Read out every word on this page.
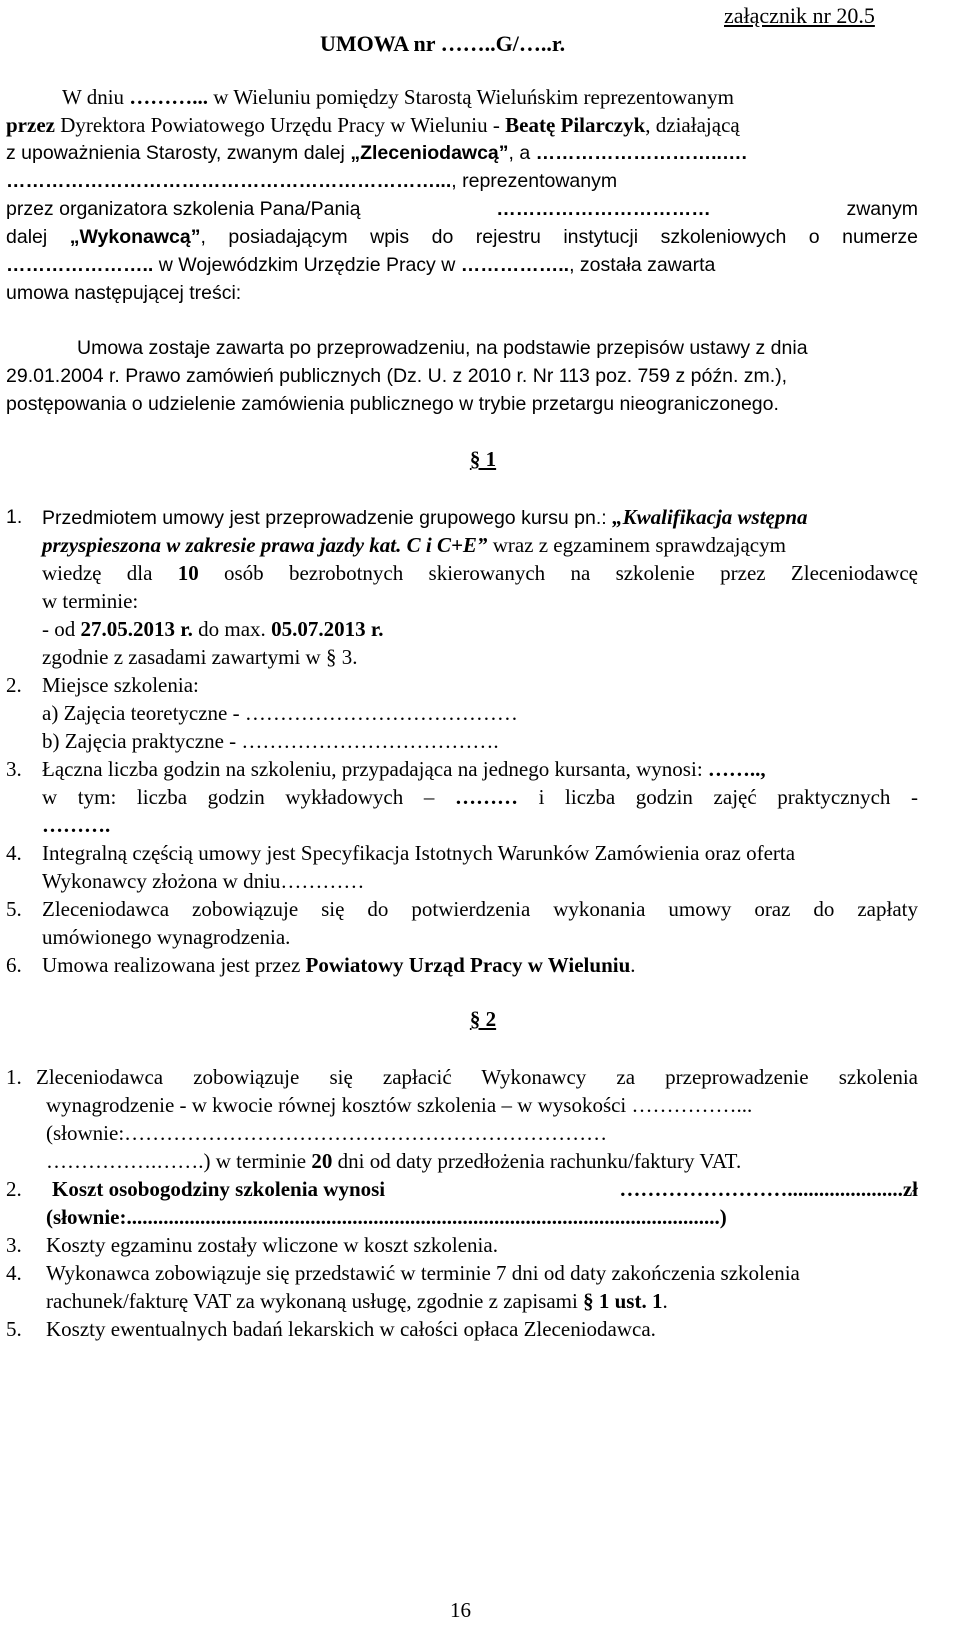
UMOWA nr ……..G/…..r.
załącznik nr 20.5
W dniu ………... w Wieluniu pomiędzy Starostą Wieluńskim reprezentowanym
przez Dyrektora Powiatowego Urzędu Pracy w Wieluniu - Beatę Pilarczyk, działającą
z upoważnienia Starosty, zwanym dalej „Zleceniodawcą”, a ………………………..….
…………………………………………………………..., reprezentowanym
przez organizatora szkolenia Pana/Panią	……………………………	zwanym
dalej „Wykonawcą”, posiadającym wpis do rejestru instytucji szkoleniowych o numerze
………………….. w Wojewódzkim Urzędzie Pracy w …………….., została zawarta
umowa następującej treści:
Umowa zostaje zawarta po przeprowadzeniu, na podstawie przepisów ustawy z dnia
29.01.2004 r. Prawo zamówień publicznych (Dz. U. z 2010 r. Nr 113 poz. 759 z późn. zm.),
postępowania o udzielenie zamówienia publicznego w trybie przetargu nieograniczonego.
§ 1
1. Przedmiotem umowy jest przeprowadzenie grupowego kursu pn.: „Kwalifikacja wstępna
przyspieszona w zakresie prawa jazdy kat. C i C+E” wraz z egzaminem sprawdzającym
wiedzę dla 10 osób bezrobotnych skierowanych na szkolenie przez Zleceniodawcę
w terminie:
- od 27.05.2013 r. do max. 05.07.2013 r.
zgodnie z zasadami zawartymi w § 3.
2. Miejsce szkolenia:
a) Zajęcia teoretyczne - …………………………………
b) Zajęcia praktyczne - ……………………………….
3. Łączna liczba godzin na szkoleniu, przypadająca na jednego kursanta, wynosi: ……..,
w tym: liczba godzin wykładowych – ……… i liczba godzin zajęć praktycznych -
……….
4. Integralną częścią umowy jest Specyfikacja Istotnych Warunków Zamówienia oraz oferta
Wykonawcy złożona w dniu…………
5. Zleceniodawca zobowiązuje się do potwierdzenia wykonania umowy oraz do zapłaty
umówionego wynagrodzenia.
6. Umowa realizowana jest przez Powiatowy Urząd Pracy w Wieluniu.
§ 2
1. Zleceniodawca zobowiązuje się zapłacić Wykonawcy za przeprowadzenie szkolenia
wynagrodzenie - w kwocie równej kosztów szkolenia – w wysokości ……………...
(słownie:……………………………………………………………
…………….…….) w terminie 20 dni od daty przedłożenia rachunku/faktury VAT.
2. Koszt osobogodziny szkolenia wynosi	……………………......................zł
(słownie:.................................................................................................................)
3. Koszty egzaminu zostały wliczone w koszt szkolenia.
4. Wykonawca zobowiązuje się przedstawić w terminie 7 dni od daty zakończenia szkolenia
rachunek/fakturę VAT za wykonaną usługę, zgodnie z zapisami § 1 ust. 1.
5. Koszty ewentualnych badań lekarskich w całości opłaca Zleceniodawca.
16
